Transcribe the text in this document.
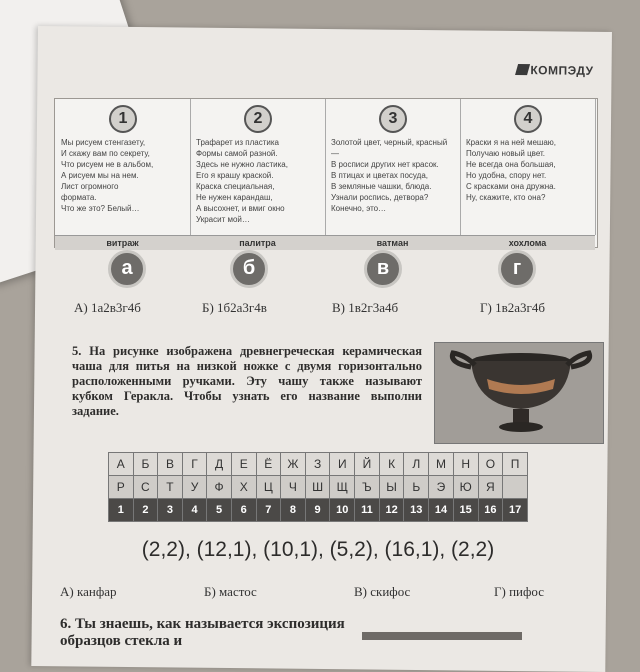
КОМПЭДУ
1
Мы рисуем стенгазету,
И скажу вам по секрету,
Что рисуем не в альбом,
А рисуем мы на нем.
Лист огромного
формата.
Что же это? Белый…
2
Трафарет из пластика
Формы самой разной.
Здесь не нужно ластика,
Его я крашу краской.
Краска специальная,
Не нужен карандаш,
А высохнет, и вмиг окно
Украсит мой…
3
Золотой цвет, черный, красный —
В росписи других нет красок.
В птицах и цветах посуда,
В земляные чашки, блюда.
Узнали роспись, детвора?
Конечно, это…
4
Краски я на ней мешаю,
Получаю новый цвет.
Не всегда она большая,
Но удобна, спору нет.
С красками она дружна.
Ну, скажите, кто она?
витраж	палитра	ватман	хохлома
а	б	в	г
А) 1а2в3г4б	Б) 1б2а3г4в	В) 1в2г3а4б	Г) 1в2а3г4б
5. На рисунке изображена древнегреческая керамическая чаша для питья на низкой ножке с двумя горизонтально расположенными ручками. Эту чашу также называют кубком Геракла. Чтобы узнать его название выполни задание.
А	Б	В	Г	Д	Е	Ё	Ж	З	И	Й	К	Л	М	Н	О	П
Р	С	Т	У	Ф	Х	Ц	Ч	Ш	Щ	Ъ	Ы	Ь	Э	Ю	Я	
1	2	3	4	5	6	7	8	9	10	11	12	13	14	15	16	17
(2,2), (12,1), (10,1), (5,2), (16,1), (2,2)
А) канфар	Б) мастос	В) скифос	Г) пифос
6. Ты знаешь, как называется экспозиция
образцов стекла и
